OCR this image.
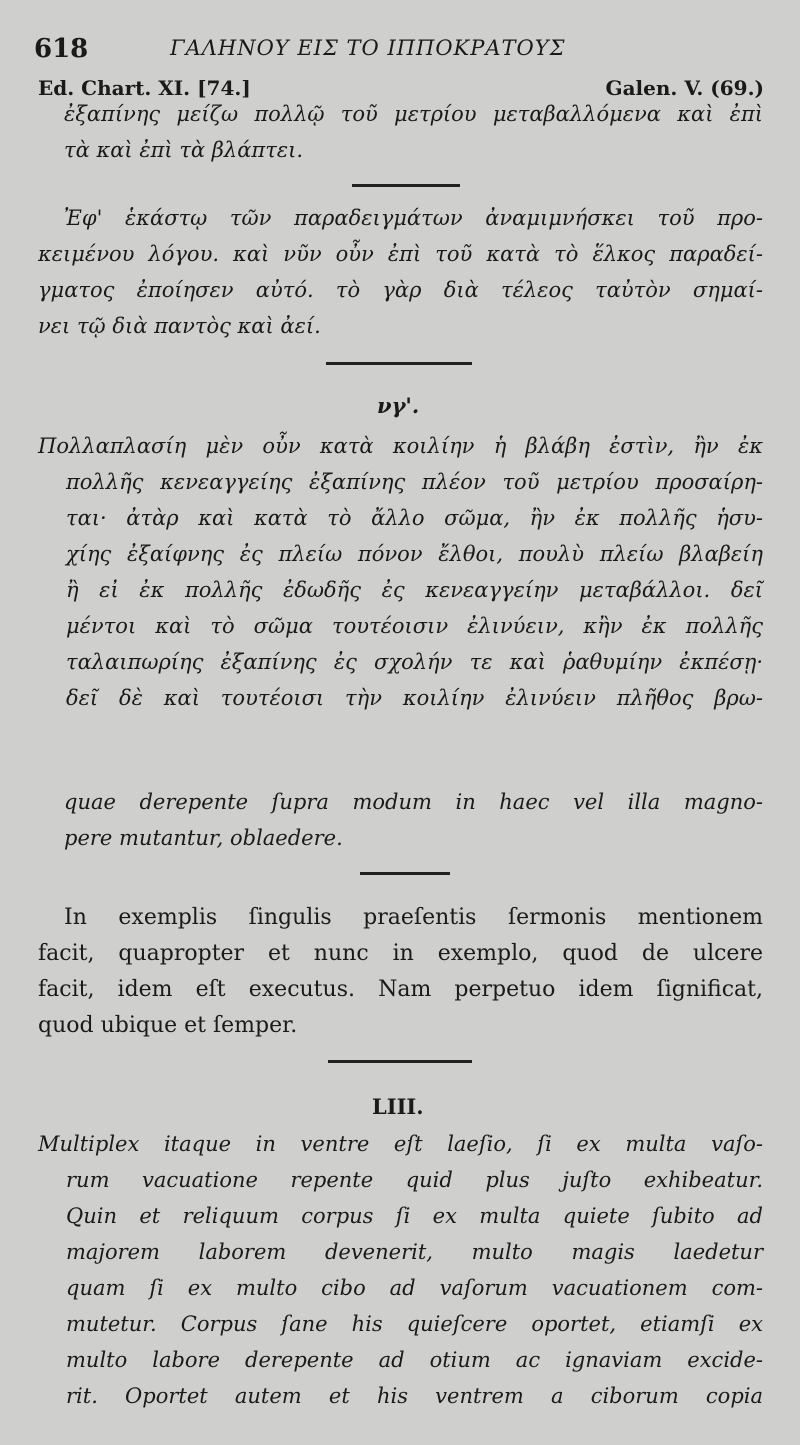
618	ΓΑΛΗΝΟΥ ΕΙΣ ΤΟ ΙΠΠΟΚΡΑΤΟΥΣ
Ed. Chart. XI. [74.]	Galen. V. (69.)
ἐξαπίνης μείζω πολλῷ τοῦ μετρίου μεταβαλλόμενα καὶ ἐπὶ
τὰ καὶ ἐπὶ τὰ βλάπτει.
Ἐφ' ἑκάστῳ τῶν παραδειγμάτων ἀναμιμνήσκει τοῦ προ-
κειμένου λόγου. καὶ νῦν οὖν ἐπὶ τοῦ κατὰ τὸ ἕλκος παραδεί-
γματος ἐποίησεν αὐτό. τὸ γὰρ διὰ τέλεος ταὐτὸν σημαί-
νει τῷ διὰ παντὸς καὶ ἀεί.
νγ'.
Πολλαπλασίη μὲν οὖν κατὰ κοιλίην ἡ βλάβη ἐστὶν, ἢν ἐκ
πολλῆς κενεαγγείης ἐξαπίνης πλέον τοῦ μετρίου προσαίρη-
ται· ἀτὰρ καὶ κατὰ τὸ ἄλλο σῶμα, ἢν ἐκ πολλῆς ἡσυ-
χίης ἐξαίφνης ἐς πλείω πόνον ἔλθοι, πουλὺ πλείω βλαβείη
ἢ εἰ ἐκ πολλῆς ἐδωδῆς ἐς κενεαγγείην μεταβάλλοι. δεῖ
μέντοι καὶ τὸ σῶμα τουτέοισιν ἐλινύειν, κἢν ἐκ πολλῆς
ταλαιπωρίης ἐξαπίνης ἐς σχολήν τε καὶ ῥαθυμίην ἐκπέσῃ·
δεῖ δὲ καὶ τουτέοισι τὴν κοιλίην ἐλινύειν πλῆθος βρω-
quae derepente ſupra modum in haec vel illa magno-
pere mutantur, oblaedere.
In exemplis ſingulis praeſentis ſermonis mentionem
facit, quapropter et nunc in exemplo, quod de ulcere
facit, idem eſt executus. Nam perpetuo idem ſignificat,
quod ubique et ſemper.
LIII.
Multiplex itaque in ventre eſt laeſio, ſi ex multa vaſo-
rum vacuatione repente quid plus juſto exhibeatur.
Quin et reliquum corpus ſi ex multa quiete ſubito ad
majorem laborem devenerit, multo magis laedetur
quam ſi ex multo cibo ad vaſorum vacuationem com-
mutetur. Corpus ſane his quieſcere oportet, etiamſi ex
multo labore derepente ad otium ac ignaviam excide-
rit. Oportet autem et his ventrem a ciborum copia
